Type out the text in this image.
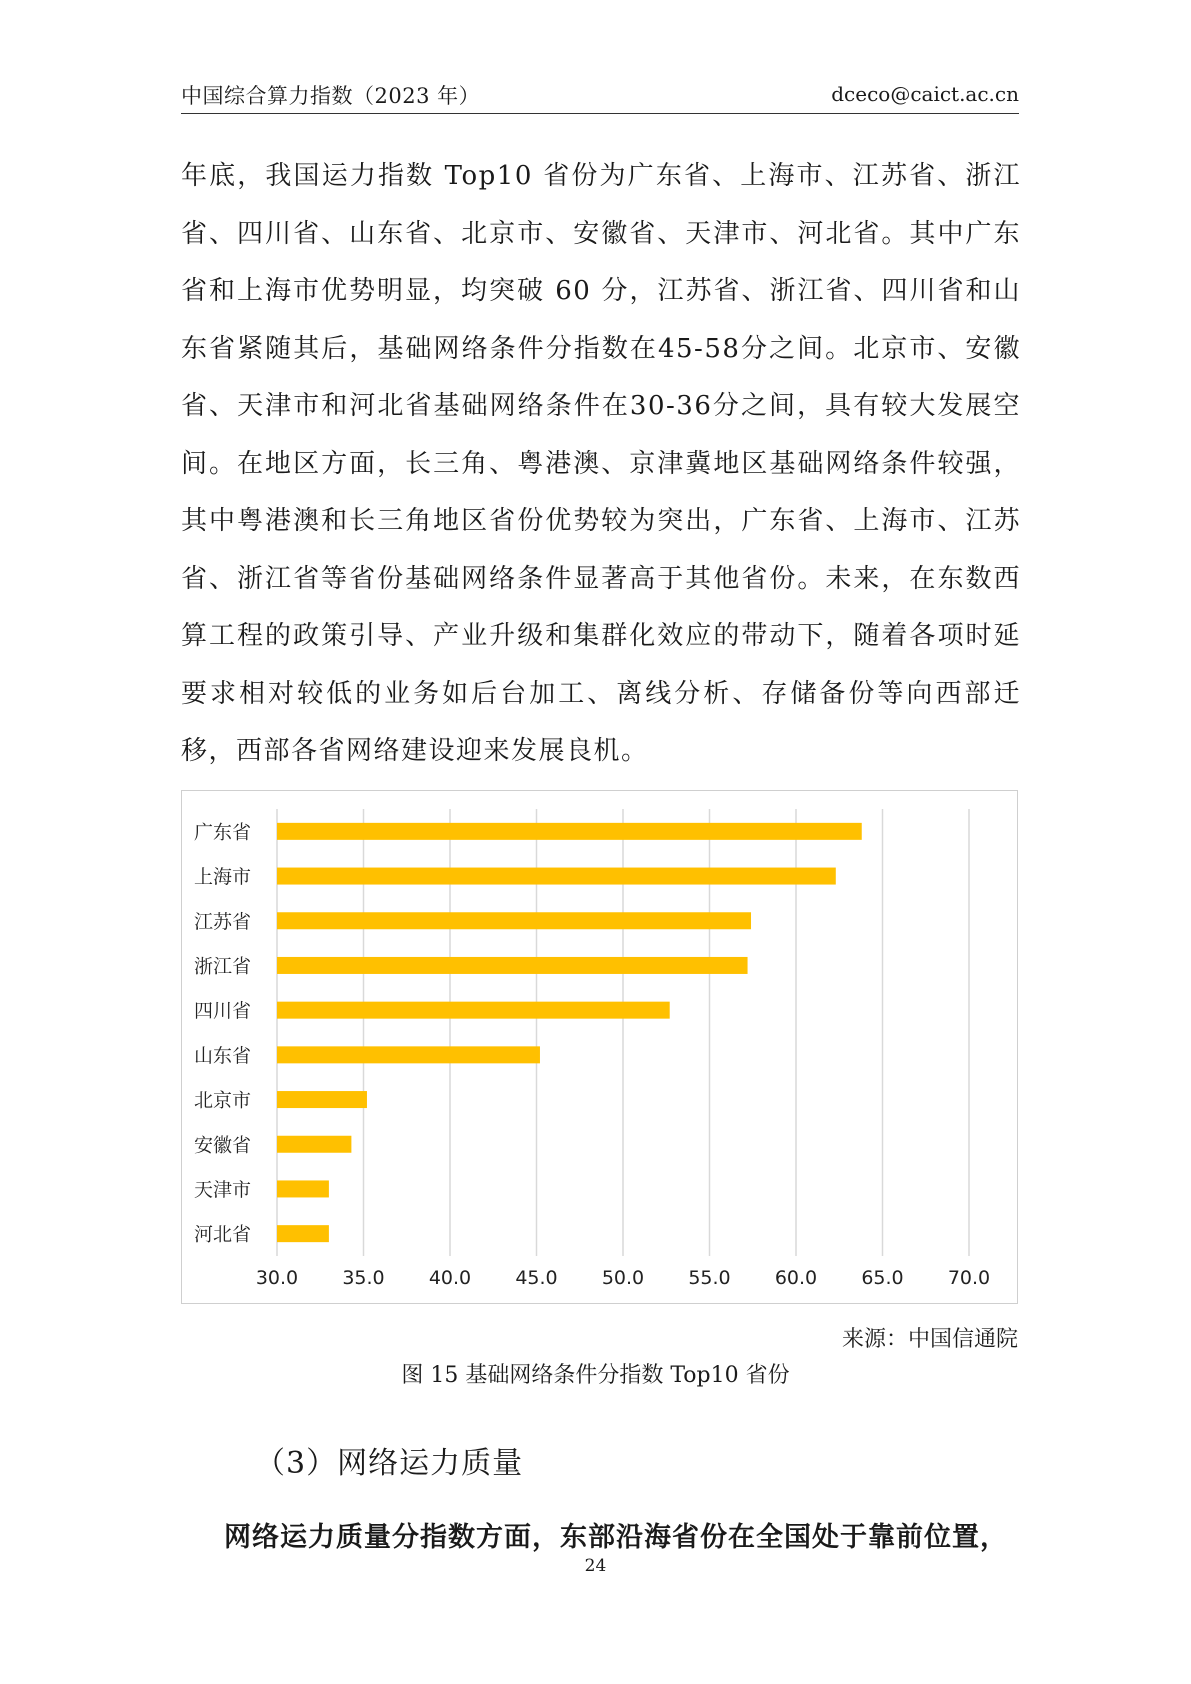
中国综合算力指数（2023 年）	dceco@caict.ac.cn
年底，我国运力指数 Top10 省份为广东省、上海市、江苏省、浙江省、四川省、山东省、北京市、安徽省、天津市、河北省。其中广东省和上海市优势明显，均突破 60 分，江苏省、浙江省、四川省和山东省紧随其后，基础网络条件分指数在45-58分之间。北京市、安徽省、天津市和河北省基础网络条件在30-36分之间，具有较大发展空间。在地区方面，长三角、粤港澳、京津冀地区基础网络条件较强，其中粤港澳和长三角地区省份优势较为突出，广东省、上海市、江苏省、浙江省等省份基础网络条件显著高于其他省份。未来，在东数西算工程的政策引导、产业升级和集群化效应的带动下，随着各项时延要求相对较低的业务如后台加工、离线分析、存储备份等向西部迁移，西部各省网络建设迎来发展良机。
30.0 35.0 40.0 45.0 50.0 55.0 60.0 65.0 70.0
广东省
上海市
江苏省
浙江省
四川省
山东省
北京市
安徽省
天津市
河北省
来源：中国信通院
图 15 基础网络条件分指数 Top10 省份
（3）网络运力质量
网络运力质量分指数方面，东部沿海省份在全国处于靠前位置，
24
